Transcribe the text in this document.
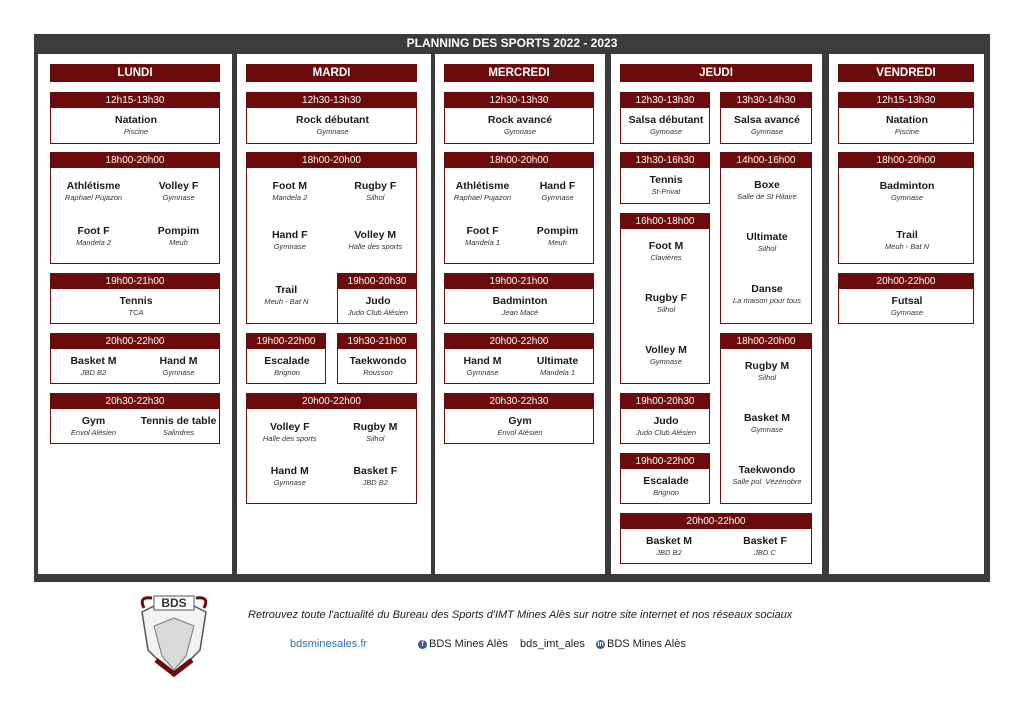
PLANNING DES SPORTS 2022 - 2023
LUNDI	MARDI	MERCREDI	JEUDI	VENDREDI
12h15-13h30
Natation
Piscine
18h00-20h00
Athlétisme
Raphael Pujazon
Volley F
Gymnase
Foot F
Mandela 2
Pompim
Meuh
19h00-21h00
Tennis
TCA
20h00-22h00
Basket M
JBD B2
Hand M
Gymnase
20h30-22h30
Gym
Envol Alésien
Tennis de table
Salindres
12h30-13h30
Rock débutant
Gymnase
18h00-20h00
Foot M
Mandela 2
Rugby F
Silhol
Hand F
Gymnase
Volley M
Halle des sports
Trail
Meuh - Bat N
19h00-20h30
Judo
Judo Club Alésien
19h00-22h00
Escalade
Brignon
19h30-21h00
Taekwondo
Rousson
20h00-22h00
Volley F
Halle des sports
Rugby M
Silhol
Hand M
Gymnase
Basket F
JBD B2
12h30-13h30
Rock avancé
Gymnase
18h00-20h00
Athlétisme
Raphael Pujazon
Hand F
Gymnase
Foot F
Mandela 1
Pompim
Meuh
19h00-21h00
Badminton
Jean Macé
20h00-22h00
Hand M
Gymnase
Ultimate
Mandela 1
20h30-22h30
Gym
Envol Alésien
12h30-13h30
Salsa débutant
Gymnase
13h30-14h30
Salsa avancé
Gymnase
13h30-16h30
Tennis
St-Privat
14h00-16h00
Boxe
Salle de St Hilaire
Ultimate
Silhol
Danse
La maison pour tous
16h00-18h00
Foot M
Clavières
Rugby F
Silhol
Volley M
Gymnase
18h00-20h00
Rugby M
Silhol
Basket M
Gymnase
Taekwondo
Salle pol. Vézénobre
19h00-20h30
Judo
Judo Club Alésien
19h00-22h00
Escalade
Brignon
20h00-22h00
Basket M
JBD B2
Basket F
JBD C
12h15-13h30
Natation
Piscine
18h00-20h00
Badminton
Gymnase
Trail
Meuh - Bat N
20h00-22h00
Futsal
Gymnase
Retrouvez toute l'actualité du Bureau des Sports d'IMT Mines Alès sur notre site internet et nos réseaux sociaux
bdsminesales.fr	f BDS Mines Alès bds_imt_ales in BDS Mines Alès
BDS
